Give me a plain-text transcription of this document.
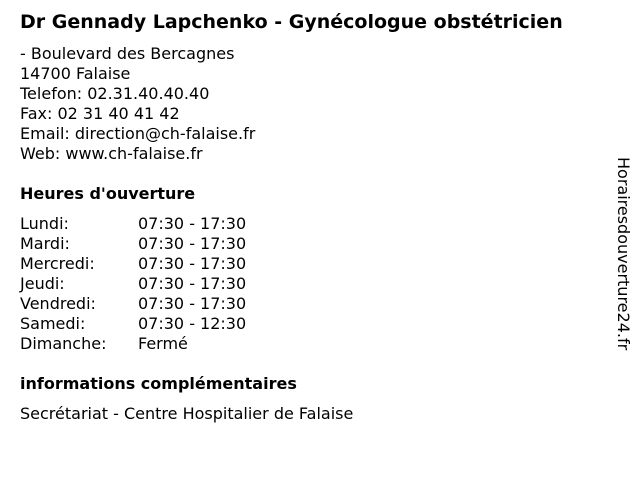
Dr Gennady Lapchenko - Gynécologue obstétricien
- Boulevard des Bercagnes
14700 Falaise
Telefon: 02.31.40.40.40
Fax: 02 31 40 41 42
Email: direction@ch-falaise.fr
Web: www.ch-falaise.fr
Heures d'ouverture
Lundi:	07:30 - 17:30
Mardi:	07:30 - 17:30
Mercredi:	07:30 - 17:30
Jeudi:	07:30 - 17:30
Vendredi:	07:30 - 17:30
Samedi:	07:30 - 12:30
Dimanche:	Fermé
informations complémentaires
Secrétariat - Centre Hospitalier de Falaise
Horairesdouverture24.fr
